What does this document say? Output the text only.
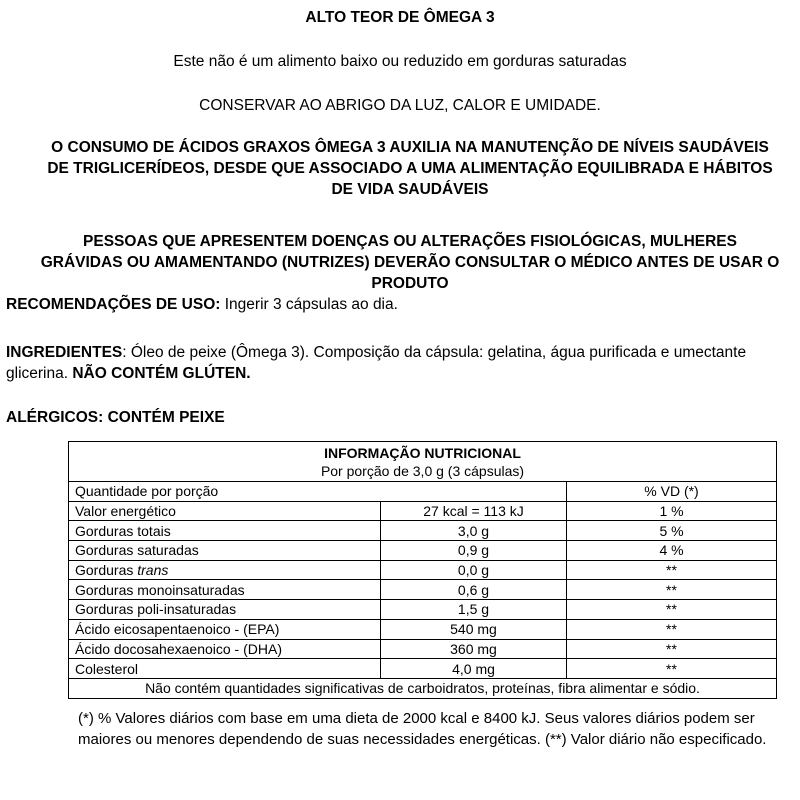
ALTO TEOR DE ÔMEGA 3
Este não é um alimento baixo ou reduzido em gorduras saturadas
CONSERVAR AO ABRIGO DA LUZ, CALOR E UMIDADE.
O CONSUMO DE ÁCIDOS GRAXOS ÔMEGA 3 AUXILIA NA MANUTENÇÃO DE NÍVEIS SAUDÁVEIS DE TRIGLICERÍDEOS, DESDE QUE ASSOCIADO A UMA ALIMENTAÇÃO EQUILIBRADA E HÁBITOS DE VIDA SAUDÁVEIS
PESSOAS QUE APRESENTEM DOENÇAS OU ALTERAÇÕES FISIOLÓGICAS, MULHERES GRÁVIDAS OU AMAMENTANDO (NUTRIZES) DEVERÃO CONSULTAR O MÉDICO ANTES DE USAR O PRODUTO
RECOMENDAÇÕES DE USO: Ingerir 3 cápsulas ao dia.
INGREDIENTES: Óleo de peixe (Ômega 3). Composição da cápsula: gelatina, água purificada e umectante glicerina. NÃO CONTÉM GLÚTEN.
ALÉRGICOS: CONTÉM PEIXE
INFORMAÇÃO NUTRICIONAL
Por porção de 3,0 g (3 cápsulas)
Quantidade por porção		% VD (*)
Valor energético	27 kcal = 113 kJ	1 %
Gorduras totais	3,0 g	5 %
Gorduras saturadas	0,9 g	4 %
Gorduras trans	0,0 g	**
Gorduras monoinsaturadas	0,6 g	**
Gorduras poli-insaturadas	1,5 g	**
Ácido eicosapentaenoico - (EPA)	540 mg	**
Ácido docosahexaenoico - (DHA)	360 mg	**
Colesterol	4,0 mg	**
Não contém quantidades significativas de carboidratos, proteínas, fibra alimentar e sódio.		
(*) % Valores diários com base em uma dieta de 2000 kcal e 8400 kJ. Seus valores diários podem ser maiores ou menores dependendo de suas necessidades energéticas. (**) Valor diário não especificado.
